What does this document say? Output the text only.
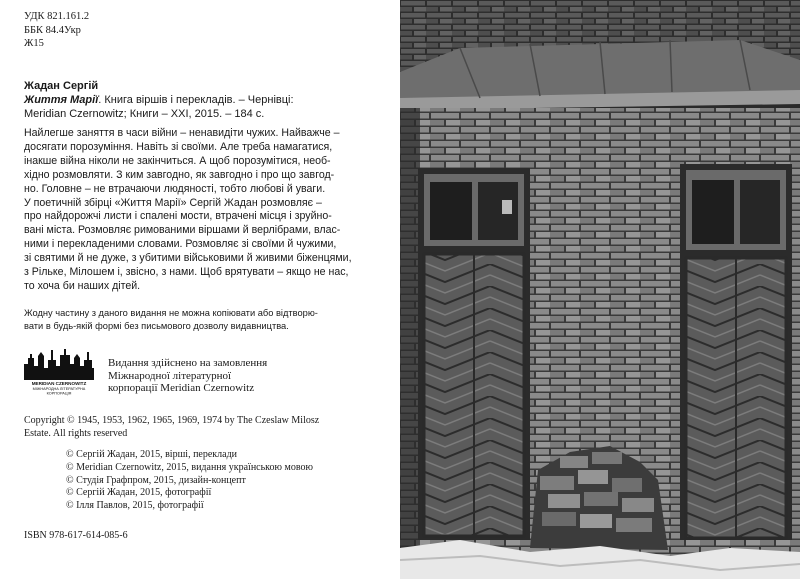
УДК 821.161.2
ББК 84.4Укр
Ж15
Жадан Сергій
Життя Марії. Книга віршів і перекладів. – Чернівці:
Meridian Czernowitz; Книги – XXI, 2015. – 184 с.
Найлегше заняття в часи війни – ненавидіти чужих. Найважче –
досягати порозуміння. Навіть зі своїми. Але треба намагатися,
інакше війна ніколи не закінчиться. А щоб порозумітися, необ-
хідно розмовляти. З ким завгодно, як завгодно і про що завгод-
но. Головне – не втрачаючи людяності, тобто любові й уваги.
У поетичній збірці «Життя Марії» Сергій Жадан розмовляє –
про найдорожчі листи і спалені мости, втрачені місця і зруйно-
вані міста. Розмовляє римованими віршами й верлібрами, влас-
ними і перекладеними словами. Розмовляє зі своїми й чужими,
зі святими й не дуже, з убитими військовими й живими біженцями,
з Рільке, Мілошем і, звісно, з нами. Щоб врятувати – якщо не нас,
то хоча би наших дітей.
Жодну частину з даного видання не можна копіювати або відтворю-
вати в будь-якій формі без письмового дозволу видавництва.
MERIDIAN CZERNOWITZ
МІЖНАРОДНА ЛІТЕРАТУРНА
КОРПОРАЦІЯ
Видання здійснено на замовлення
Міжнародної літературної
корпорації Meridian Czernowitz
Copyright © 1945, 1953, 1962, 1965, 1969, 1974 by The Czeslaw Milosz
Estate. All rights reserved
© Сергій Жадан, 2015, вірші, переклади
© Meridian Czernowitz, 2015, видання українською мовою
© Студія Графпром, 2015, дизайн-концепт
© Сергій Жадан, 2015, фотографії
© Ілля Павлов, 2015, фотографії
ISBN 978-617-614-085-6
